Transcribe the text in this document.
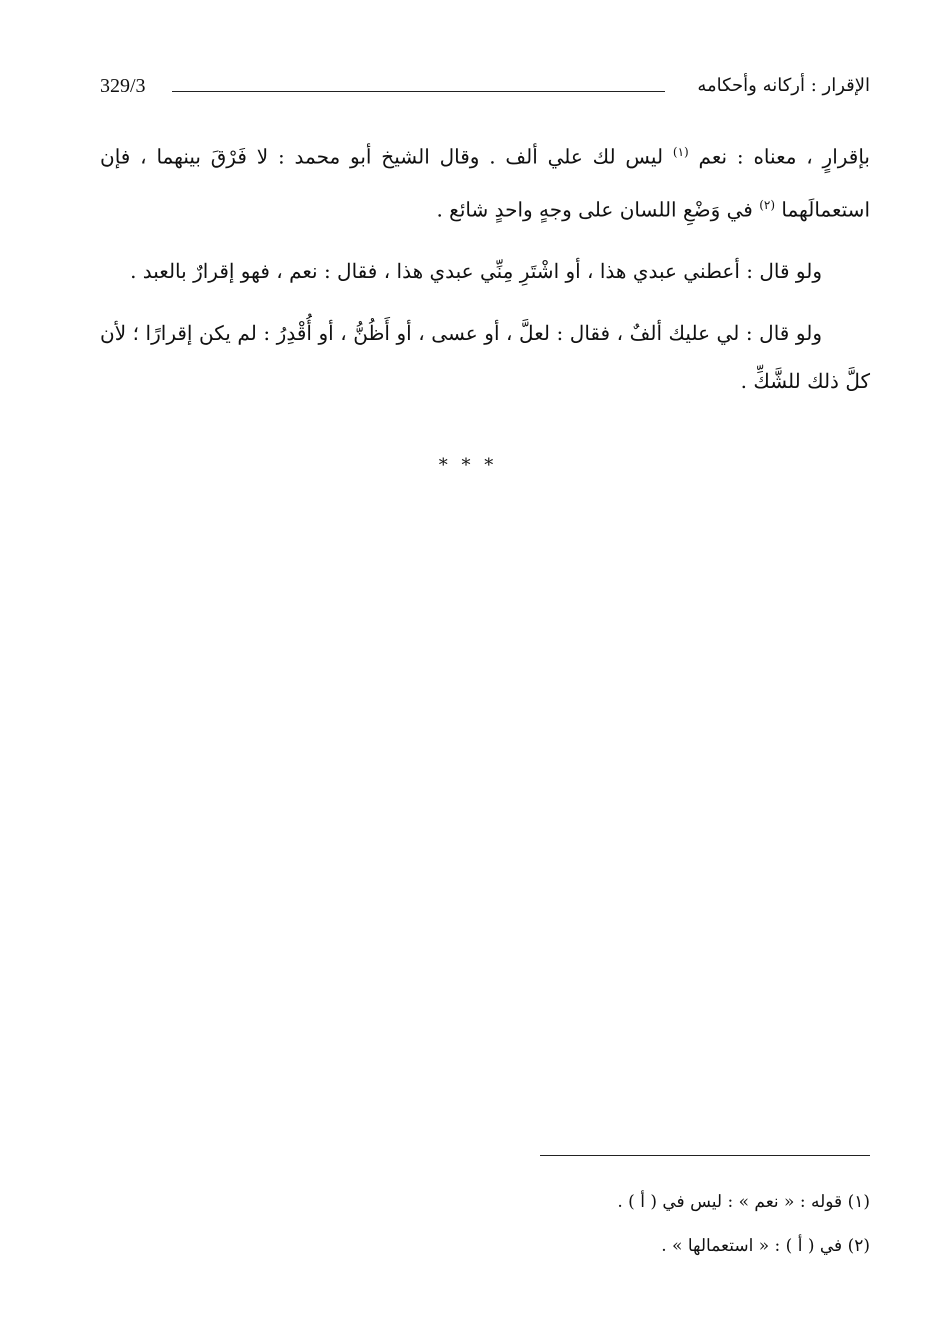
329/3	الإقرار : أركانه وأحكامه

بإقرارٍ ، معناه : نعم $^{(١)}$ ليس لك علي ألف . وقال الشيخ أبو محمد : لا فَرْقَ بينهما ، فإن استعمالَهما $^{(٢)}$ في وَضْعِ اللسان على وجهٍ واحدٍ شائع .

ولو قال : أعطني عبدي هذا ، أو اشْتَرِ مِنِّي عبدي هذا ، فقال : نعم ، فهو إقرارٌ بالعبد .

ولو قال : لي عليك ألفٌ ، فقال : لعلَّ ، أو عسى ، أو أَظُنُّ ، أو أُقْدِرُ : لم يكن إقرارًا ؛ لأن كلَّ ذلك للشَّكِّ .

* * *

(١) قوله : « نعم » : ليس في ( أ ) .

(٢) في ( أ ) : « استعمالها » .
